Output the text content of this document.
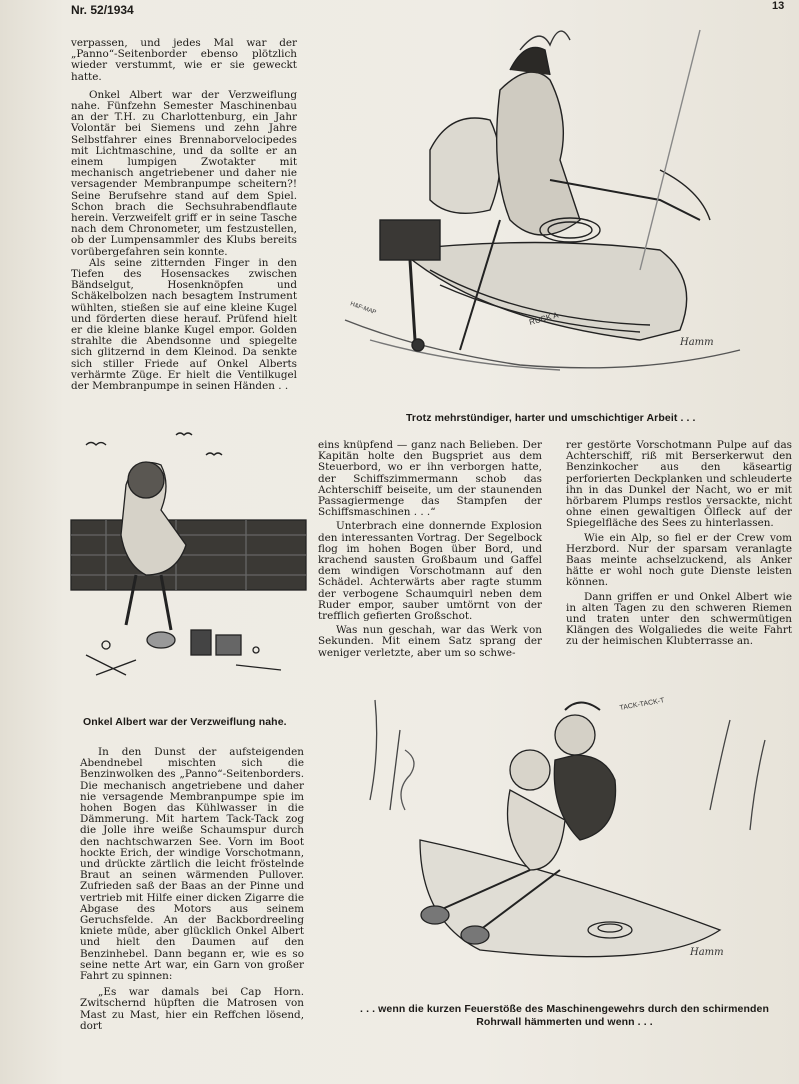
Nr. 52/1934	13

verpassen, und jedes Mal war der „Panno“-Seitenborder ebenso plötzlich wieder verstummt, wie er sie geweckt hatte.

Onkel Albert war der Verzweiflung nahe. Fünfzehn Semester Maschinenbau an der T.H. zu Charlottenburg, ein Jahr Volontär bei Siemens und zehn Jahre Selbstfahrer eines Brennaborvelocipedes mit Lichtmaschine, und da sollte er an einem lumpigen Zwotakter mit mechanisch angetriebener und daher nie versagender Membranpumpe scheitern?! Seine Berufsehre stand auf dem Spiel. Schon brach die Sechsuhrabendflaute herein. Verzweifelt griff er in seine Tasche nach dem Chronometer, um festzustellen, ob der Lumpensammler des Klubs bereits vorübergefahren sein konnte.

Als seine zitternden Finger in den Tiefen des Hosensackes zwischen Bändselgut, Hosenknöpfen und Schäkelbolzen nach besagtem Instrument wühlten, stießen sie auf eine kleine Kugel und förderten diese herauf. Prüfend hielt er die kleine blanke Kugel empor. Golden strahlte die Abendsonne und spiegelte sich glitzernd in dem Kleinod. Da senkte sich stiller Friede auf Onkel Alberts verhärmte Züge. Er hielt die Ventilkugel der Membranpumpe in seinen Händen . .

RUCK A
H&F-MAP
Hamm
Trotz mehrstündiger, harter und umschichtiger Arbeit . . .
Onkel Albert war der Verzweiflung nahe.

eins knüpfend — ganz nach Belieben. Der Kapitän holte den Bugspriet aus dem Steuerbord, wo er ihn verborgen hatte, der Schiffszimmermann schob das Achterschiff beiseite, um der staunenden Passagiermenge das Stampfen der Schiffsmaschinen . . .“

Unterbrach eine donnernde Explosion den interessanten Vortrag. Der Segelbock flog im hohen Bogen über Bord, und krachend sausten Großbaum und Gaffel dem windigen Vorschotmann auf den Schädel. Achterwärts aber ragte stumm der verbogene Schaumquirl neben dem Ruder empor, sauber umtörnt von der trefflich gefierten Großschot.

Was nun geschah, war das Werk von Sekunden. Mit einem Satz sprang der weniger verletzte, aber um so schwe-

rer gestörte Vorschotmann Pulpe auf das Achterschiff, riß mit Berserkerwut den Benzinkocher aus den käseartig perforierten Deckplanken und schleuderte ihn in das Dunkel der Nacht, wo er mit hörbarem Plumps restlos versackte, nicht ohne einen gewaltigen Ölfleck auf der Spiegelfläche des Sees zu hinterlassen.

Wie ein Alp, so fiel er der Crew vom Herzbord. Nur der sparsam veranlagte Baas meinte achselzuckend, als Anker hätte er wohl noch gute Dienste leisten können.

Dann griffen er und Onkel Albert wie in alten Tagen zu den schweren Riemen und traten unter den schwermütigen Klängen des Wolgaliedes die weite Fahrt zu der heimischen Klubterrasse an.

TACK-TACK-T
Hamm
. . . wenn die kurzen Feuerstöße des Maschinengewehrs durch den schirmenden Rohrwall hämmerten und wenn . . .

In den Dunst der aufsteigenden Abendnebel mischten sich die Benzinwolken des „Panno“-Seitenborders. Die mechanisch angetriebene und daher nie versagende Membranpumpe spie im hohen Bogen das Kühlwasser in die Dämmerung. Mit hartem Tack-Tack zog die Jolle ihre weiße Schaumspur durch den nachtschwarzen See. Vorn im Boot hockte Erich, der windige Vorschotmann, und drückte zärtlich die leicht fröstelnde Braut an seinen wärmenden Pullover. Zufrieden saß der Baas an der Pinne und vertrieb mit Hilfe einer dicken Zigarre die Abgase des Motors aus seinem Geruchsfelde. An der Backbordreeling kniete müde, aber glücklich Onkel Albert und hielt den Daumen auf den Benzinhebel. Dann begann er, wie es so seine nette Art war, ein Garn von großer Fahrt zu spinnen:

„Es war damals bei Cap Horn. Zwitschernd hüpften die Matrosen von Mast zu Mast, hier ein Reffchen lösend, dort
